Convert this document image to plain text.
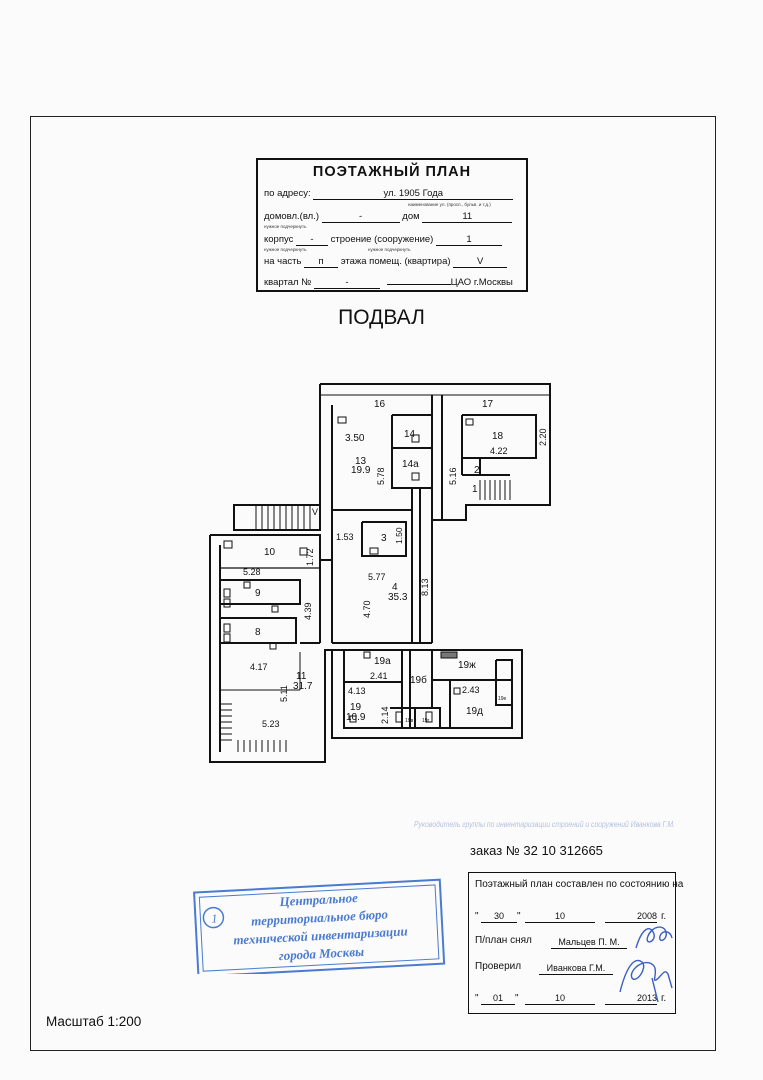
ПОЭТАЖНЫЙ ПЛАН
по адресу:	ул. 1905 Года
наименование ул. (просп., бульв. и т.д.)
домовл.(вл.)	-	дом	11
нужное подчеркнуть
корпус - строение (сооружение)	1
нужное подчеркнуть	нужное подчеркнуть
на часть п этажа помещ. (квартира)	V
квартал №	-	ЦАО г.Москвы
ПОДВАЛ
16	17
3.50
13
19.9 5.78
14
14а
18
4.22
2.20
2
5.16
1
1.53	3 1.50
10	1.72
5.28
9
8
4.39
5.77
4
35.3
4.70
8.13
4.17
11
31.7
5.11
5.23
19а
2.41 19б
19ж
4.13
2.14
2.43
19
10.9
19д
19в 19г
19е
V
Руководитель группы по инвентаризации строений и сооружений Иванкова Г.М.
заказ № 32 10 312665
1
Центральное
территориальное бюро
технической инвентаризации
города Москвы
Поэтажный план составлен по состоянию на
"	30	"	10	2008 г.
П/план снял	Мальцев П. М.
Проверил	Иванкова Г.М.
"	01	"	10	2013 г.
Масштаб 1:200
